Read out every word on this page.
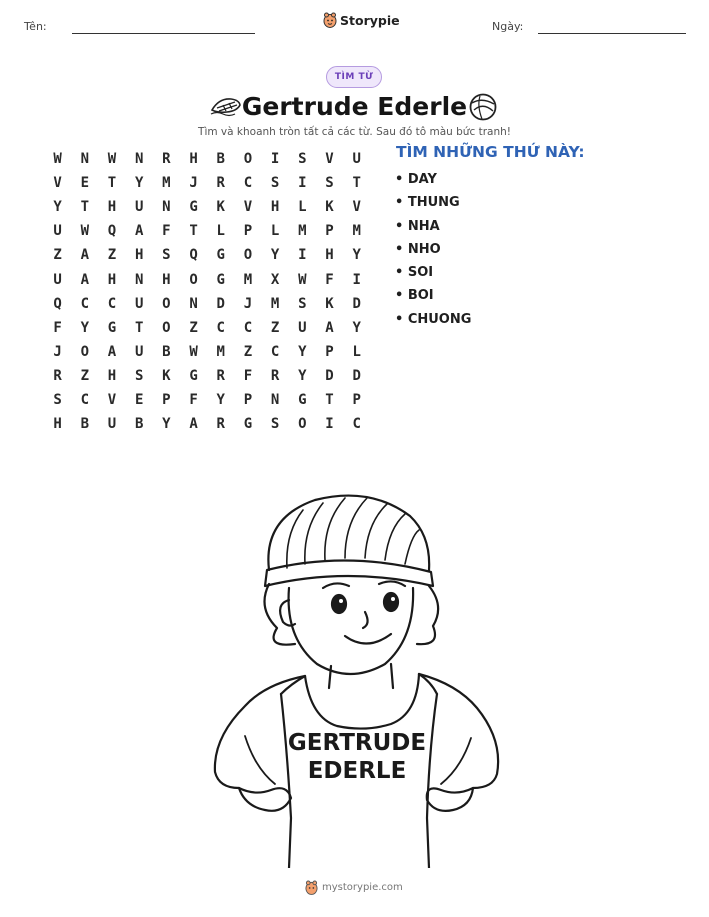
Tên:	Storypie	Ngày:
TÌM TỪ
Gertrude Ederle
Tìm và khoanh tròn tất cả các từ. Sau đó tô màu bức tranh!
W	N	W	N	R	H	B	O	I	S	V	U
V	E	T	Y	M	J	R	C	S	I	S	T
Y	T	H	U	N	G	K	V	H	L	K	V
U	W	Q	A	F	T	L	P	L	M	P	M
Z	A	Z	H	S	Q	G	O	Y	I	H	Y
U	A	H	N	H	O	G	M	X	W	F	I
Q	C	C	U	O	N	D	J	M	S	K	D
F	Y	G	T	O	Z	C	C	Z	U	A	Y
J	O	A	U	B	W	M	Z	C	Y	P	L
R	Z	H	S	K	G	R	F	R	Y	D	D
S	C	V	E	P	F	Y	P	N	G	T	P
H	B	U	B	Y	A	R	G	S	O	I	C
TÌM NHỮNG THỨ NÀY:
• DAY
• THUNG
• NHA
• NHO
• SOI
• BOI
• CHUONG
GERTRUDE
EDERLE
mystorypie.com
